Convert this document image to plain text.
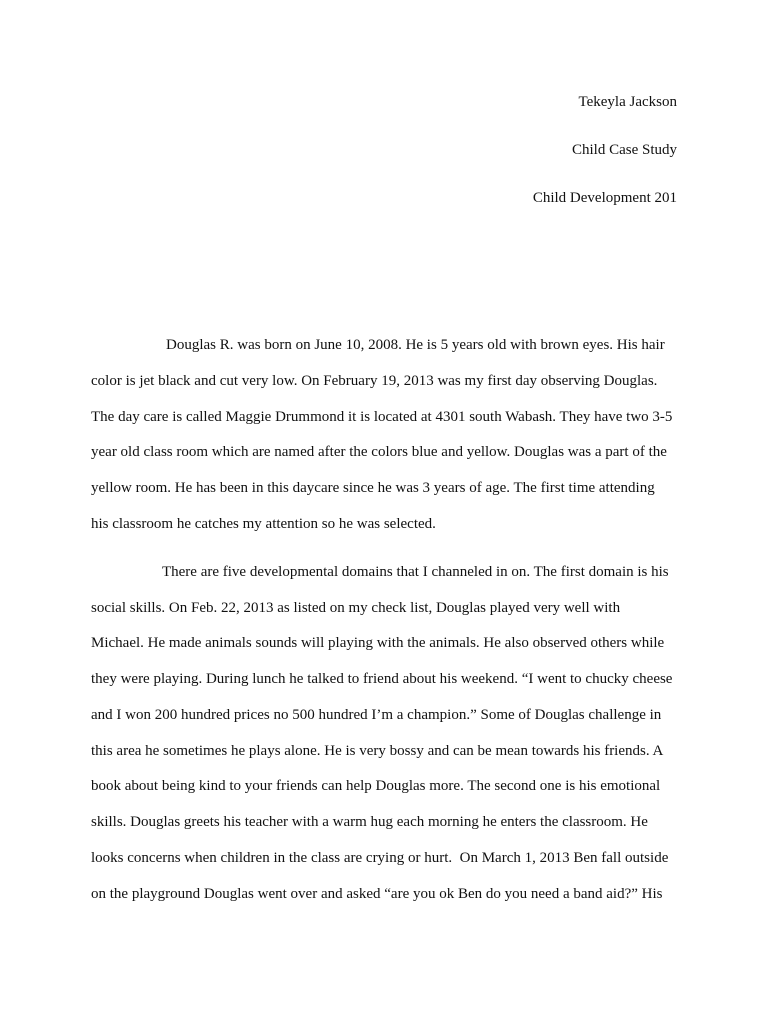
Tekeyla Jackson
Child Case Study
Child Development 201
Douglas R. was born on June 10, 2008. He is 5 years old with brown eyes. His hair
color is jet black and cut very low. On February 19, 2013 was my first day observing Douglas.
The day care is called Maggie Drummond it is located at 4301 south Wabash. They have two 3-5
year old class room which are named after the colors blue and yellow. Douglas was a part of the
yellow room. He has been in this daycare since he was 3 years of age. The first time attending
his classroom he catches my attention so he was selected.
There are five developmental domains that I channeled in on. The first domain is his
social skills. On Feb. 22, 2013 as listed on my check list, Douglas played very well with
Michael. He made animals sounds will playing with the animals. He also observed others while
they were playing. During lunch he talked to friend about his weekend. “I went to chucky cheese
and I won 200 hundred prices no 500 hundred I’m a champion.” Some of Douglas challenge in
this area he sometimes he plays alone. He is very bossy and can be mean towards his friends. A
book about being kind to your friends can help Douglas more. The second one is his emotional
skills. Douglas greets his teacher with a warm hug each morning he enters the classroom. He
looks concerns when children in the class are crying or hurt.  On March 1, 2013 Ben fall outside
on the playground Douglas went over and asked “are you ok Ben do you need a band aid?” His
